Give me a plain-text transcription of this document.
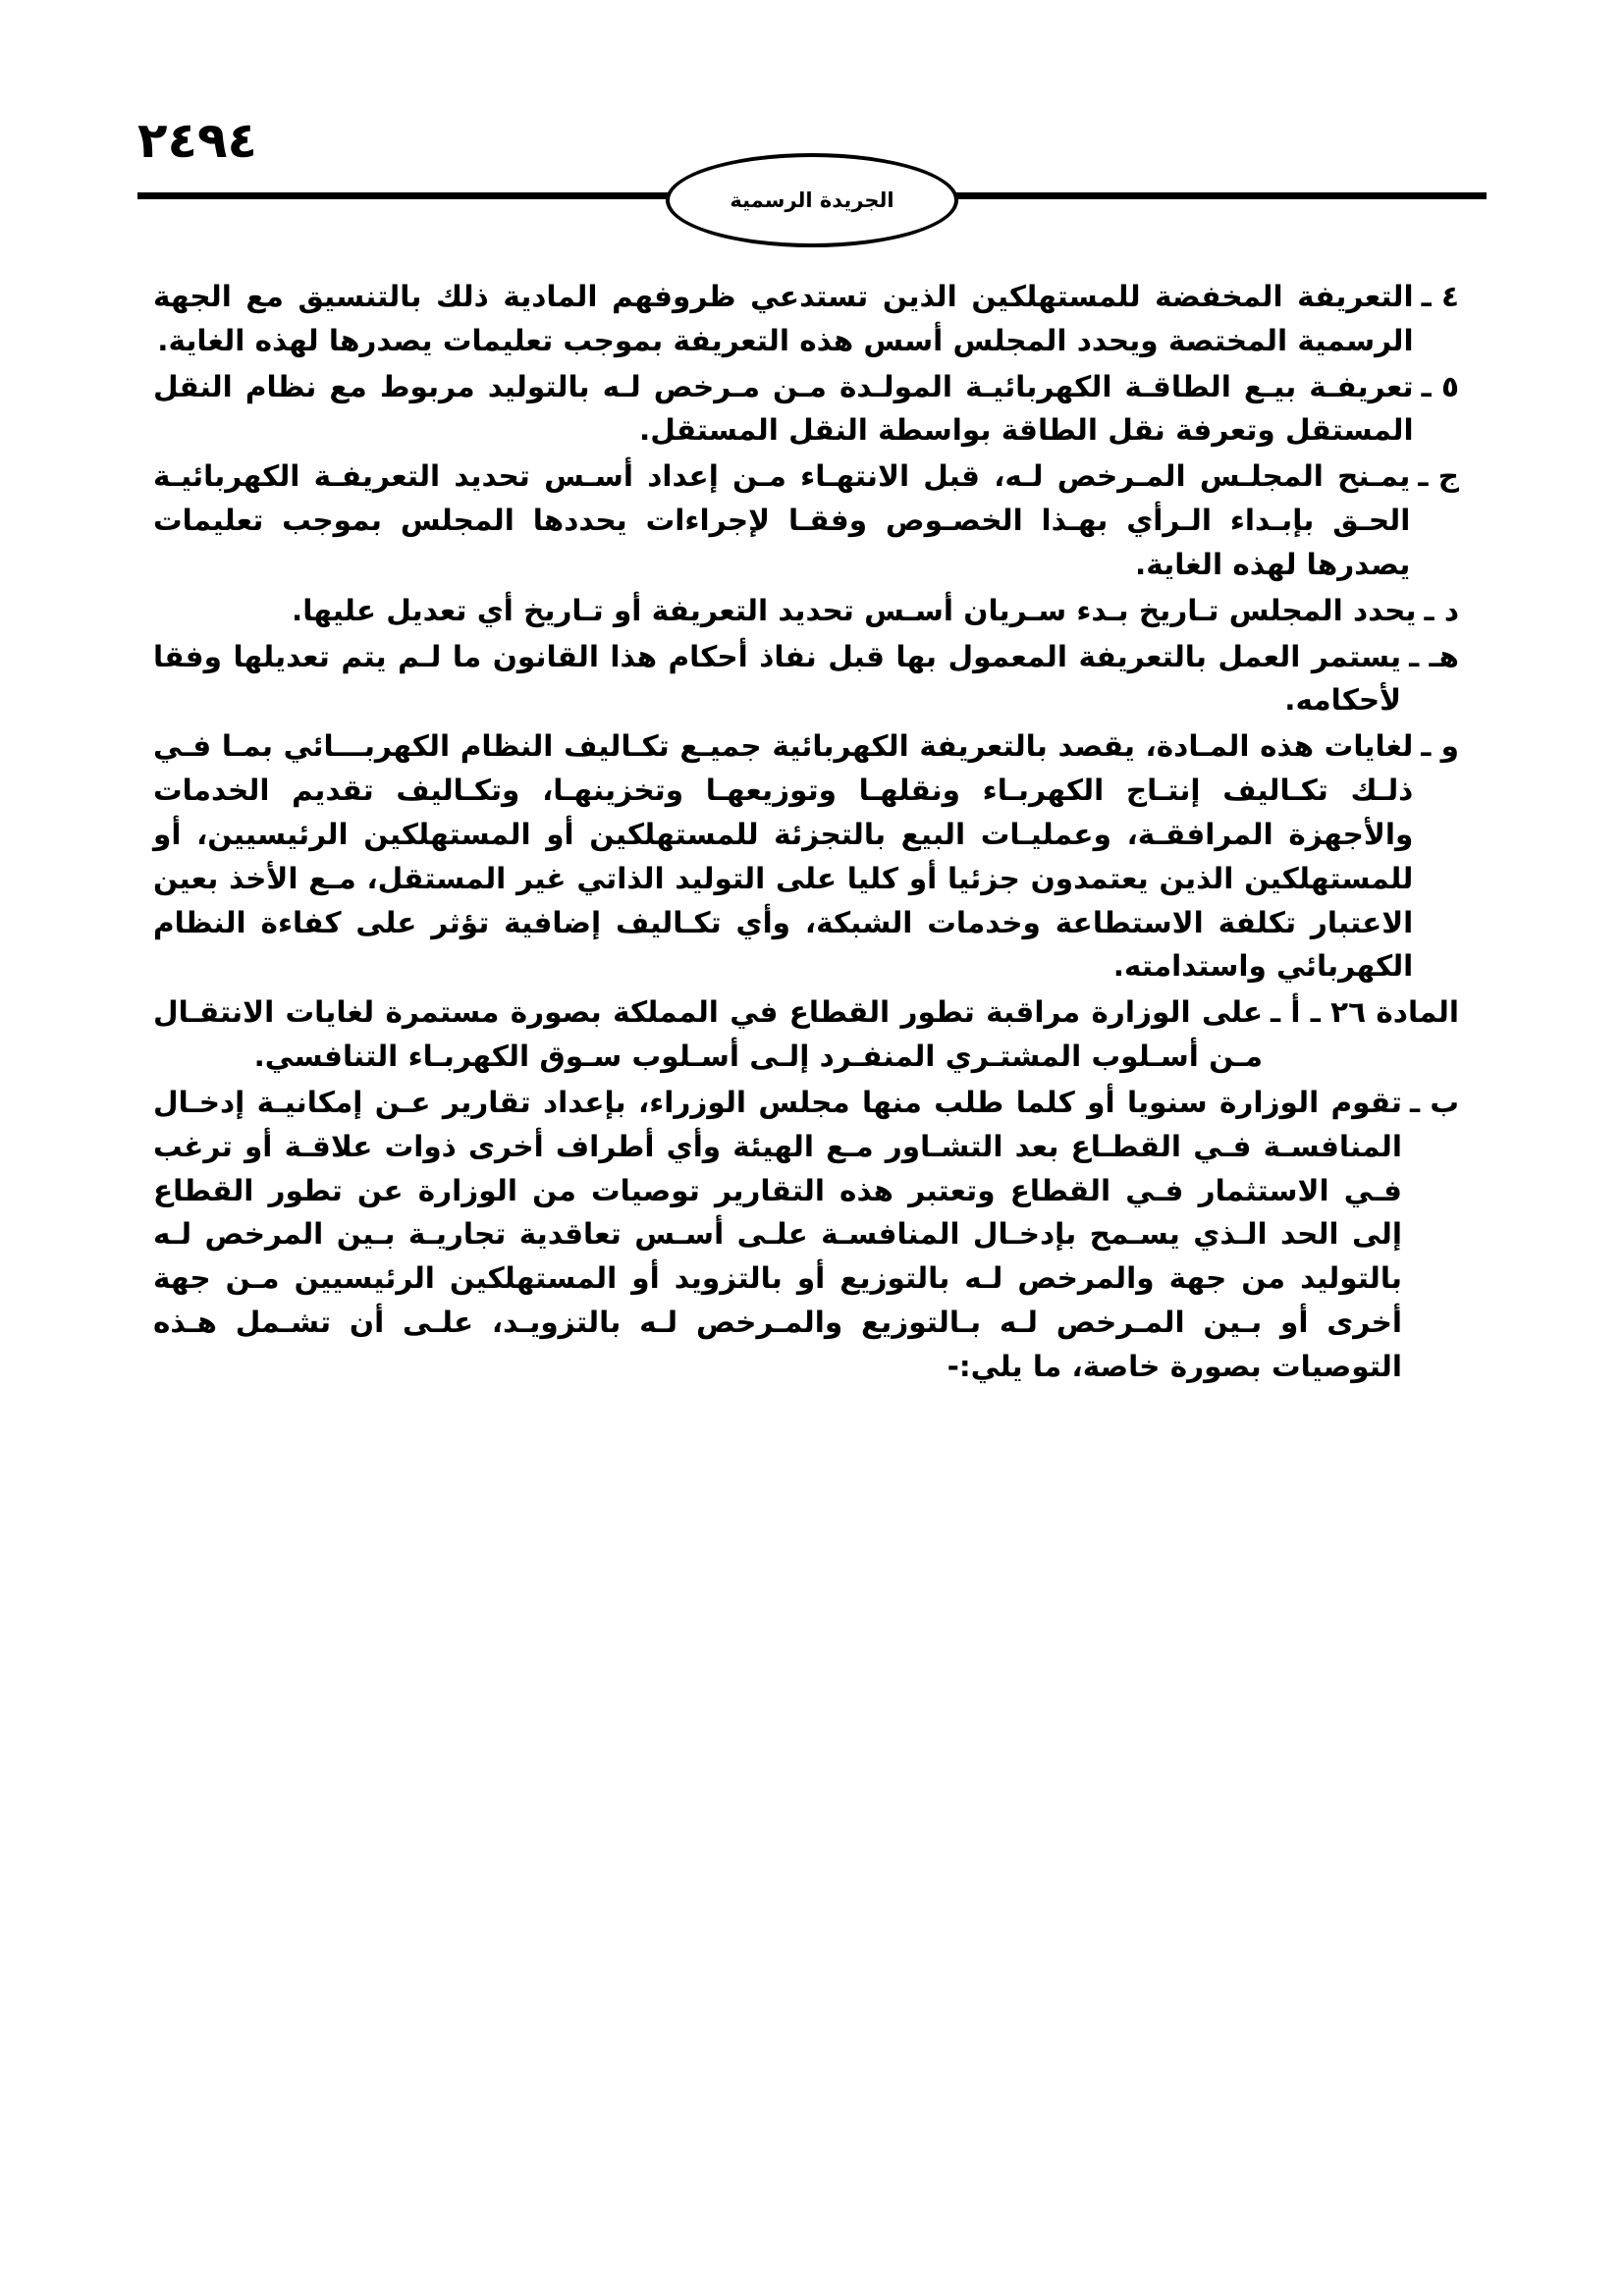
٢٤٩٤
الجريدة الرسمية
٤ ـ
التعريفة المخفضة للمستهلكين الذين تستدعي ظروفهم المادية ذلك بالتنسيق مع الجهة الرسمية المختصة ويحدد المجلس أسس هذه التعريفة بموجب تعليمات يصدرها لهذه الغاية.
٥ ـ
تعريفـة بيـع الطاقـة الكهربائيـة المولـدة مـن مـرخص لـه بالتوليد مربوط مع نظام النقل المستقل وتعرفة نقل الطاقة بواسطة النقل المستقل.
ج ـ
يمـنح المجلـس المـرخص لـه، قبل الانتهـاء مـن إعداد أسـس تحديد التعريفـة الكهربائيـة الحـق بإبـداء الـرأي بهـذا الخصـوص وفقـا لإجراءات يحددها المجلس بموجب تعليمات يصدرها لهذه الغاية.
د ـ
يحدد المجلس تـاريخ بـدء سـريان أسـس تحديد التعريفة أو تـاريخ أي تعديل عليها.
هـ ـ
يستمر العمل بالتعريفة المعمول بها قبل نفاذ أحكام هذا القانون ما لـم يتم تعديلها وفقا لأحكامه.
و ـ
لغايات هذه المـادة، يقصد بالتعريفة الكهربائية جميـع تكـاليف النظام الكهربـــائي بمـا فـي ذلـك تكـاليف إنتـاج الكهربـاء ونقلهـا وتوزيعهـا وتخزينهـا، وتكـاليف تقديم الخدمات والأجهزة المرافقـة، وعمليـات البيع بالتجزئة للمستهلكين أو المستهلكين الرئيسيين، أو للمستهلكين الذين يعتمدون جزئيا أو كليا على التوليد الذاتي غير المستقل، مـع الأخذ بعين الاعتبار تكلفة الاستطاعة وخدمات الشبكة، وأي تكـاليف إضافية تؤثر على كفاءة النظام الكهربائي واستدامته.
المادة ٢٦ ـ أ ـ
على الوزارة مراقبة تطور القطاع في المملكة بصورة مستمرة لغايات الانتقـال مـن أسـلوب المشتـري المنفـرد إلـى أسـلوب سـوق الكهربـاء التنافسي.
ب ـ
تقوم الوزارة سنويا أو كلما طلب منها مجلس الوزراء، بإعداد تقارير عـن إمكانيـة إدخـال المنافسـة فـي القطـاع بعد التشـاور مـع الهيئة وأي أطراف أخرى ذوات علاقـة أو ترغب فـي الاستثمار فـي القطاع وتعتبر هذه التقارير توصيات من الوزارة عن تطور القطاع إلى الحد الـذي يسـمح بإدخـال المنافسـة علـى أسـس تعاقدية تجاريـة بـين المرخص لـه بالتوليد من جهة والمرخص لـه بالتوزيع أو بالتزويد أو المستهلكين الرئيسيين مـن جهة أخرى أو بـين المـرخص لـه بـالتوزيع والمـرخص لـه بالتزويـد، علـى أن تشـمل هـذه التوصيات بصورة خاصة، ما يلي:-
